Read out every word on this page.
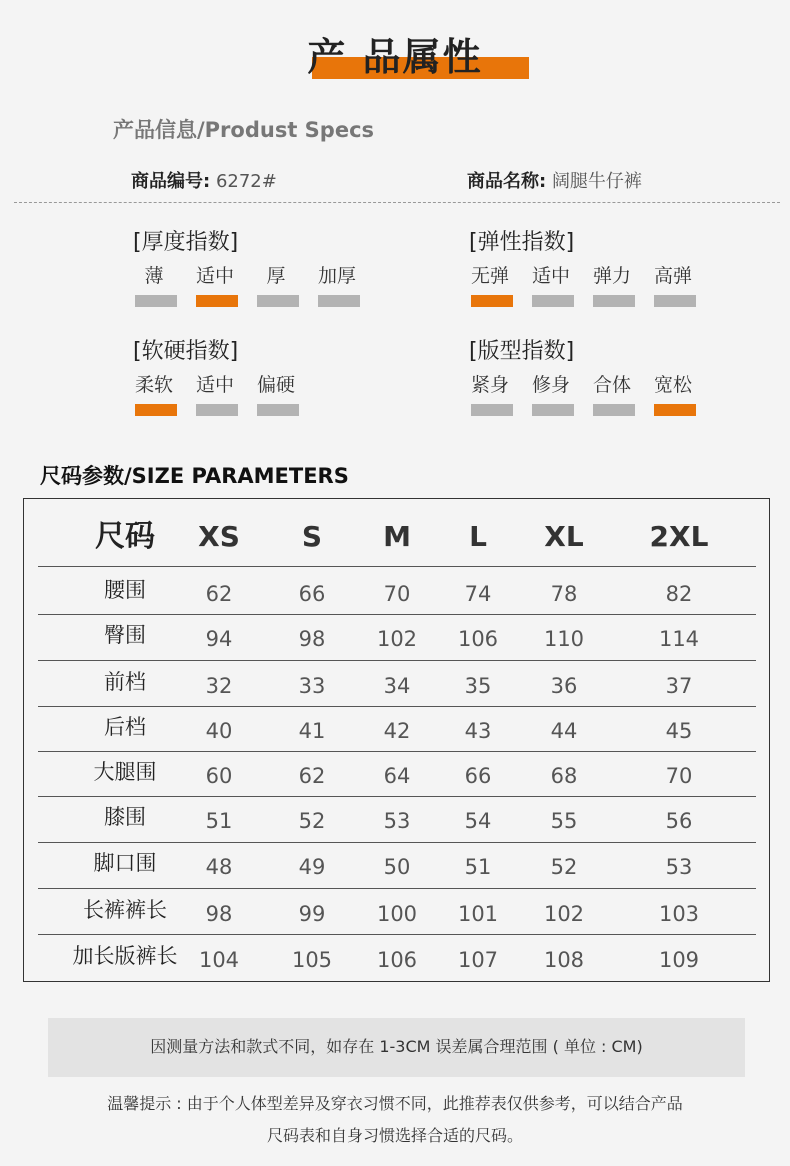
产 品属性
产品信息/Produst Specs
商品编号: 6272#	商品名称: 阔腿牛仔裤
[厚度指数]
薄	适中	厚	加厚
[弹性指数]
无弹	适中	弹力	高弹
[软硬指数]
柔软	适中	偏硬
[版型指数]
紧身	修身	合体	宽松
尺码参数/SIZE PARAMETERS
尺码	XS	S	M	L	XL	2XL
腰围	62	66	70	74	78	82
臀围	94	98	102	106	110	114
前档	32	33	34	35	36	37
后档	40	41	42	43	44	45
大腿围	60	62	64	66	68	70
膝围	51	52	53	54	55	56
脚口围	48	49	50	51	52	53
长裤裤长	98	99	100	101	102	103
加长版裤长	104	105	106	107	108	109
因测量方法和款式不同，如存在 1-3CM 误差属合理范围 ( 单位 : CM)
温馨提示 : 由于个人体型差异及穿衣习惯不同，此推荐表仅供参考，可以结合产品
尺码表和自身习惯选择合适的尺码。
